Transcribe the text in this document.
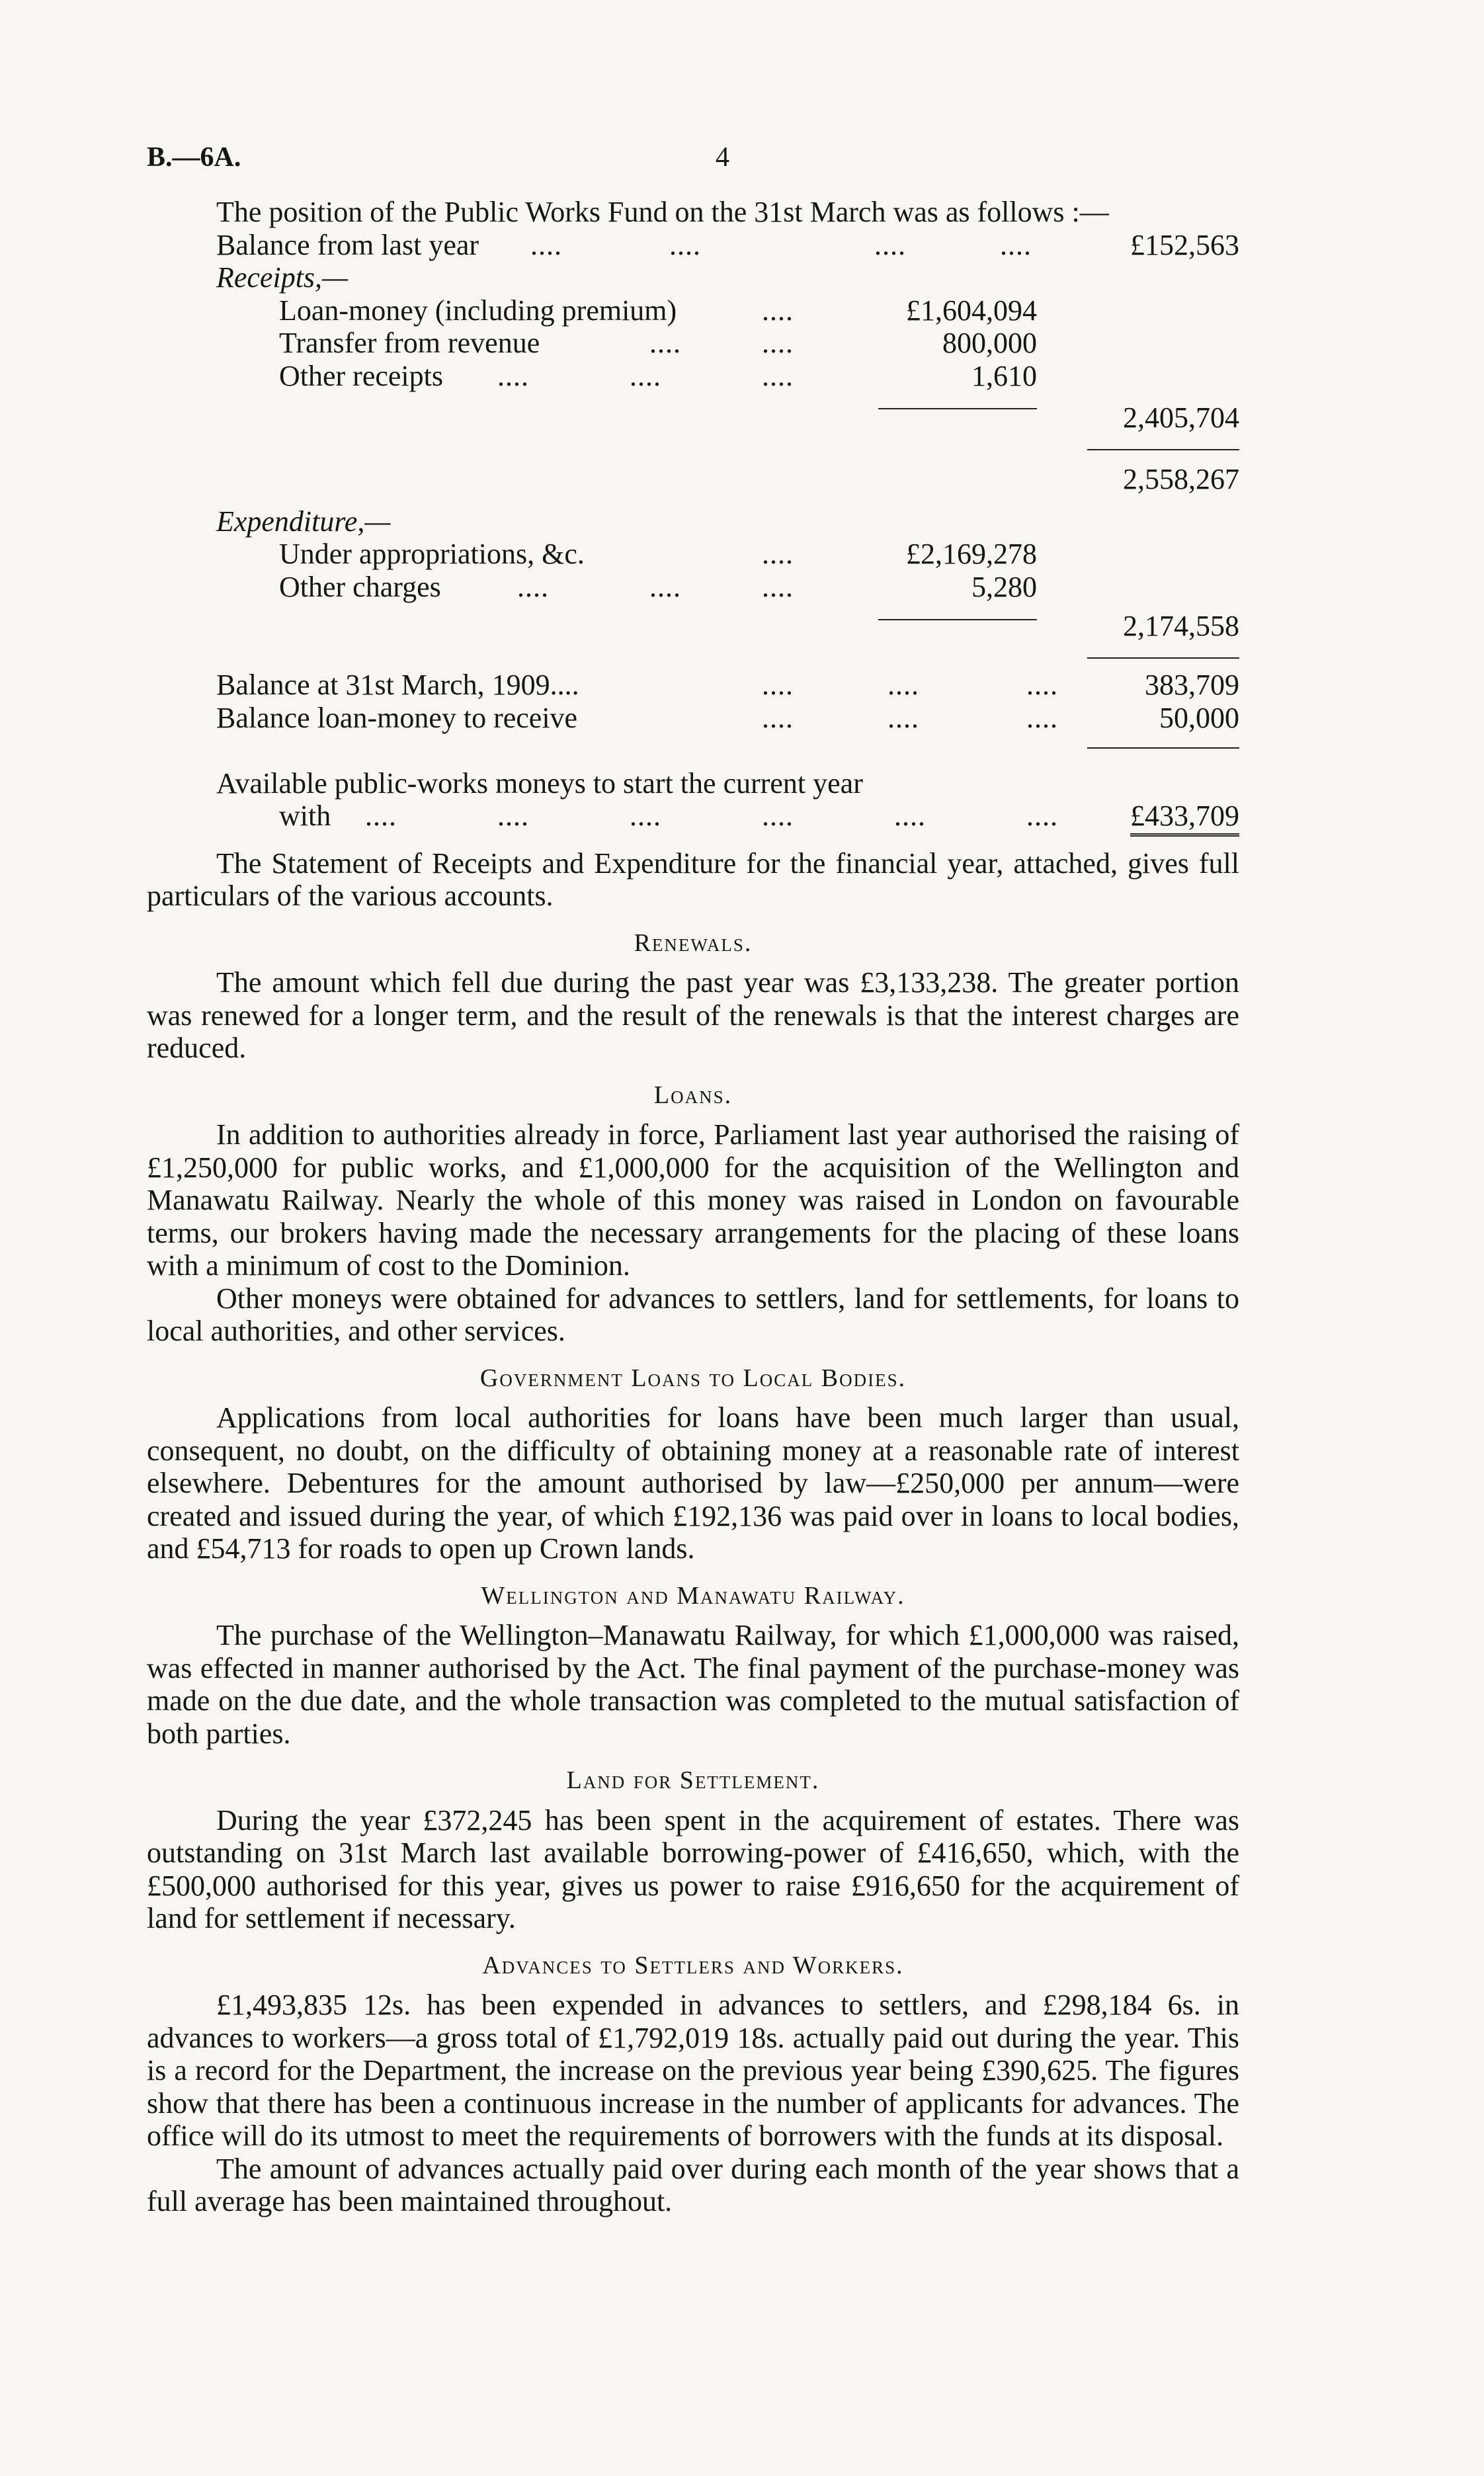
B.—6A.	4

The position of the Public Works Fund on the 31st March was as follows :—

Balance from last year ....	....	....	....	£152,563
Receipts,—
Loan-money (including premium)	....	£1,604,094
Transfer from revenue	....	....	800,000
Other receipts ....	....	....	1,610
2,405,704
2,558,267
Expenditure,—
Under appropriations, &c.	....	£2,169,278
Other charges	....	....	....	5,280
2,174,558
Balance at 31st March, 1909....	....	....	....	383,709
Balance loan-money to receive	....	....	....	50,000
Available public-works moneys to start the current year
with ....	....	....	....	....	.... £433,709

The Statement of Receipts and Expenditure for the financial year, attached, gives full particulars of the various accounts.

Renewals.

The amount which fell due during the past year was £3,133,238. The greater portion was renewed for a longer term, and the result of the renewals is that the interest charges are reduced.

Loans.

In addition to authorities already in force, Parliament last year authorised the raising of £1,250,000 for public works, and £1,000,000 for the acquisition of the Wellington and Manawatu Railway. Nearly the whole of this money was raised in London on favourable terms, our brokers having made the necessary arrangements for the placing of these loans with a minimum of cost to the Dominion.

Other moneys were obtained for advances to settlers, land for settlements, for loans to local authorities, and other services.

Government Loans to Local Bodies.

Applications from local authorities for loans have been much larger than usual, consequent, no doubt, on the difficulty of obtaining money at a reasonable rate of interest elsewhere. Debentures for the amount authorised by law—£250,000 per annum—were created and issued during the year, of which £192,136 was paid over in loans to local bodies, and £54,713 for roads to open up Crown lands.

Wellington and Manawatu Railway.

The purchase of the Wellington–Manawatu Railway, for which £1,000,000 was raised, was effected in manner authorised by the Act. The final payment of the purchase-money was made on the due date, and the whole transaction was completed to the mutual satisfaction of both parties.

Land for Settlement.

During the year £372,245 has been spent in the acquirement of estates. There was outstanding on 31st March last available borrowing-power of £416,650, which, with the £500,000 authorised for this year, gives us power to raise £916,650 for the acquirement of land for settlement if necessary.

Advances to Settlers and Workers.

£1,493,835 12s. has been expended in advances to settlers, and £298,184 6s. in advances to workers—a gross total of £1,792,019 18s. actually paid out during the year. This is a record for the Department, the increase on the previous year being £390,625. The figures show that there has been a continuous increase in the number of applicants for advances. The office will do its utmost to meet the requirements of borrowers with the funds at its disposal.

The amount of advances actually paid over during each month of the year shows that a full average has been maintained throughout.
